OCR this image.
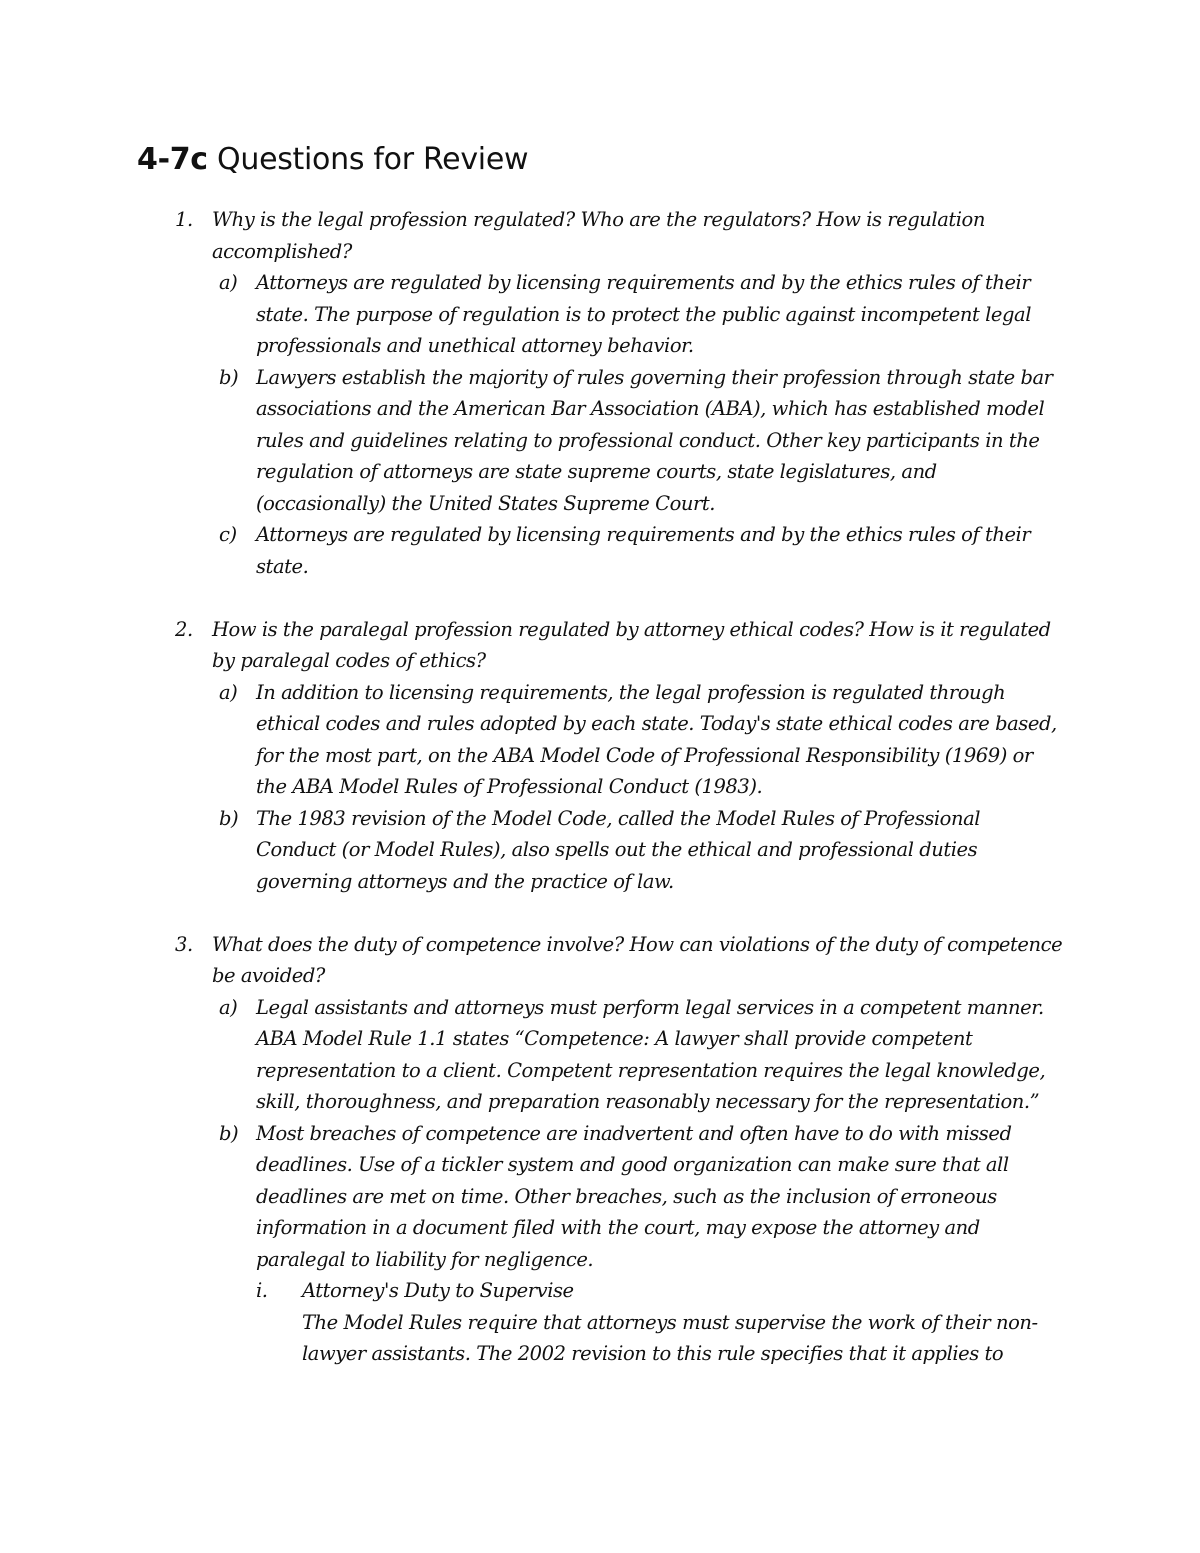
4-7c Questions for Review
1. Why is the legal profession regulated? Who are the regulators? How is regulation accomplished?
a) Attorneys are regulated by licensing requirements and by the ethics rules of their state. The purpose of regulation is to protect the public against incompetent legal professionals and unethical attorney behavior.
b) Lawyers establish the majority of rules governing their profession through state bar associations and the American Bar Association (ABA), which has established model rules and guidelines relating to professional conduct. Other key participants in the regulation of attorneys are state supreme courts, state legislatures, and (occasionally) the United States Supreme Court.
c) Attorneys are regulated by licensing requirements and by the ethics rules of their state.
2. How is the paralegal profession regulated by attorney ethical codes? How is it regulated by paralegal codes of ethics?
a) In addition to licensing requirements, the legal profession is regulated through ethical codes and rules adopted by each state. Today's state ethical codes are based, for the most part, on the ABA Model Code of Professional Responsibility (1969) or the ABA Model Rules of Professional Conduct (1983).
b) The 1983 revision of the Model Code, called the Model Rules of Professional Conduct (or Model Rules), also spells out the ethical and professional duties governing attorneys and the practice of law.
3. What does the duty of competence involve? How can violations of the duty of competence be avoided?
a) Legal assistants and attorneys must perform legal services in a competent manner. ABA Model Rule 1.1 states “Competence: A lawyer shall provide competent representation to a client. Competent representation requires the legal knowledge, skill, thoroughness, and preparation reasonably necessary for the representation.”
b) Most breaches of competence are inadvertent and often have to do with missed deadlines. Use of a tickler system and good organization can make sure that all deadlines are met on time. Other breaches, such as the inclusion of erroneous information in a document filed with the court, may expose the attorney and paralegal to liability for negligence.
i. Attorney's Duty to Supervise
The Model Rules require that attorneys must supervise the work of their non-lawyer assistants. The 2002 revision to this rule specifies that it applies to
